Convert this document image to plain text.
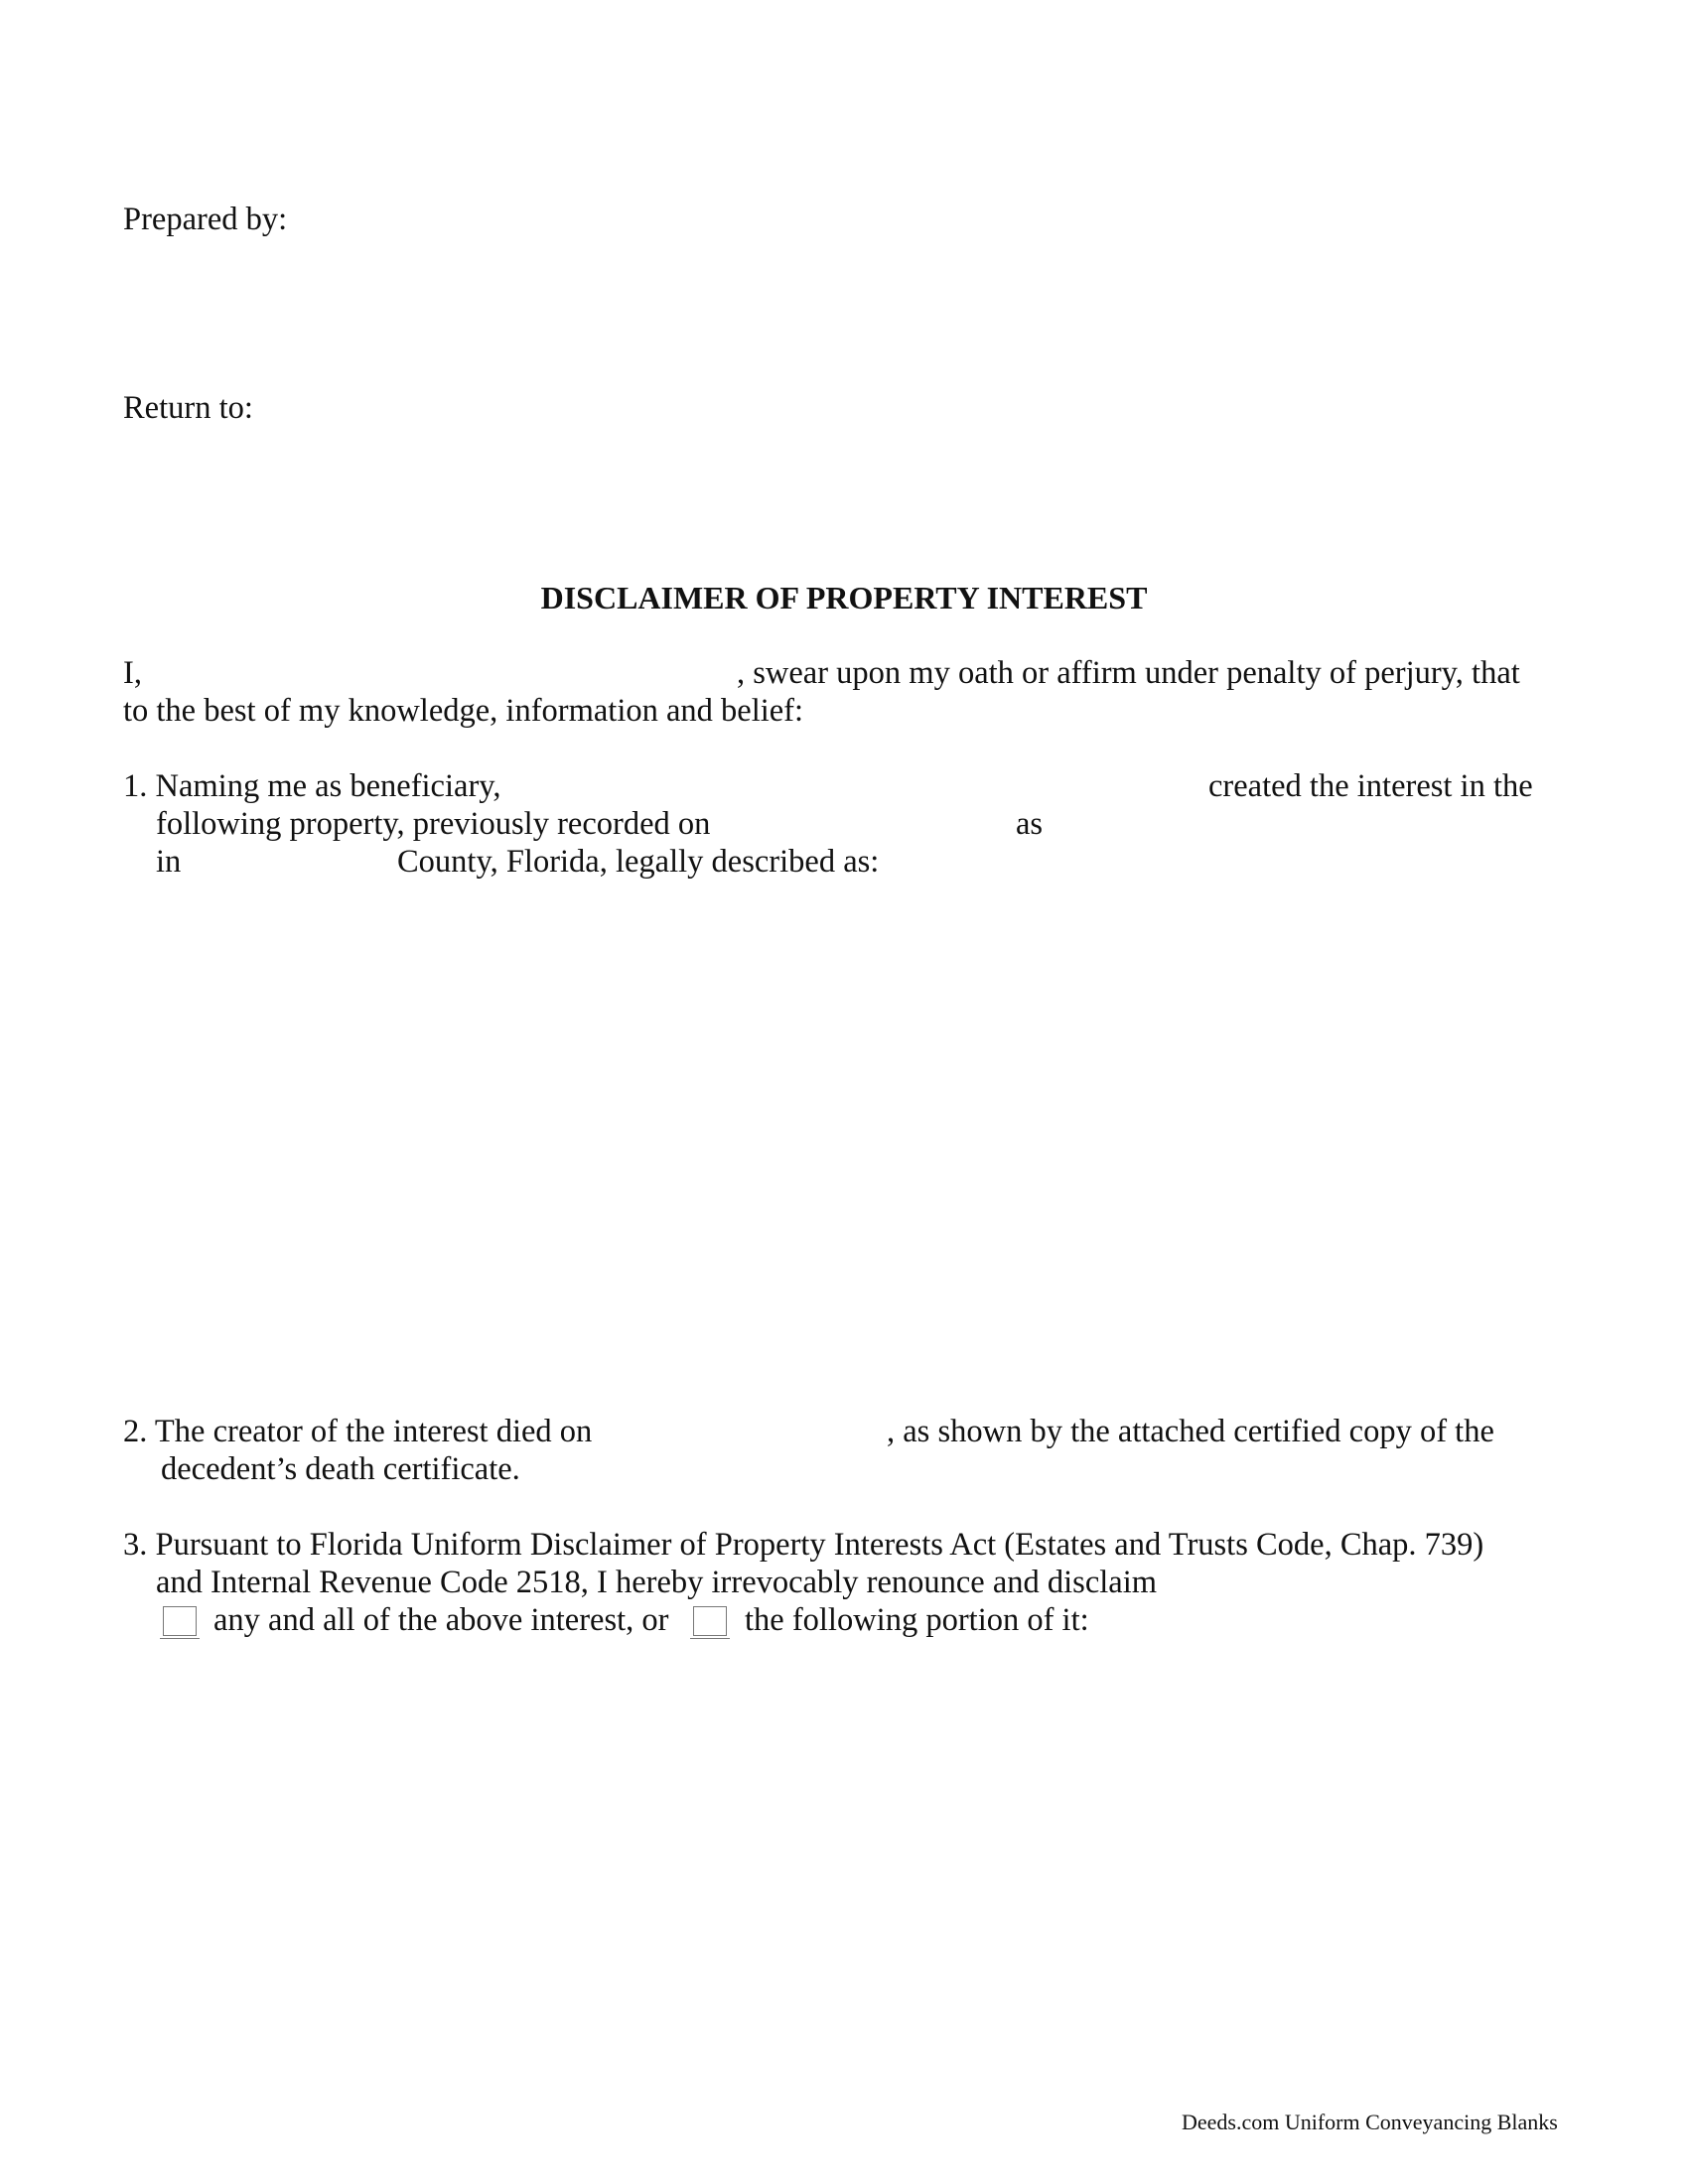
Prepared by:
Return to:
DISCLAIMER OF PROPERTY INTEREST
I,	, swear upon my oath or affirm under penalty of perjury, that
to the best of my knowledge, information and belief:
1. Naming me as beneficiary,	created the interest in the
following property, previously recorded on	as
in	County, Florida, legally described as:
2. The creator of the interest died on	, as shown by the attached certified copy of the
decedent’s death certificate.
3. Pursuant to Florida Uniform Disclaimer of Property Interests Act (Estates and Trusts Code, Chap. 739)
and Internal Revenue Code 2518, I hereby irrevocably renounce and disclaim
any and all of the above interest, or the following portion of it:
Deeds.com Uniform Conveyancing Blanks
